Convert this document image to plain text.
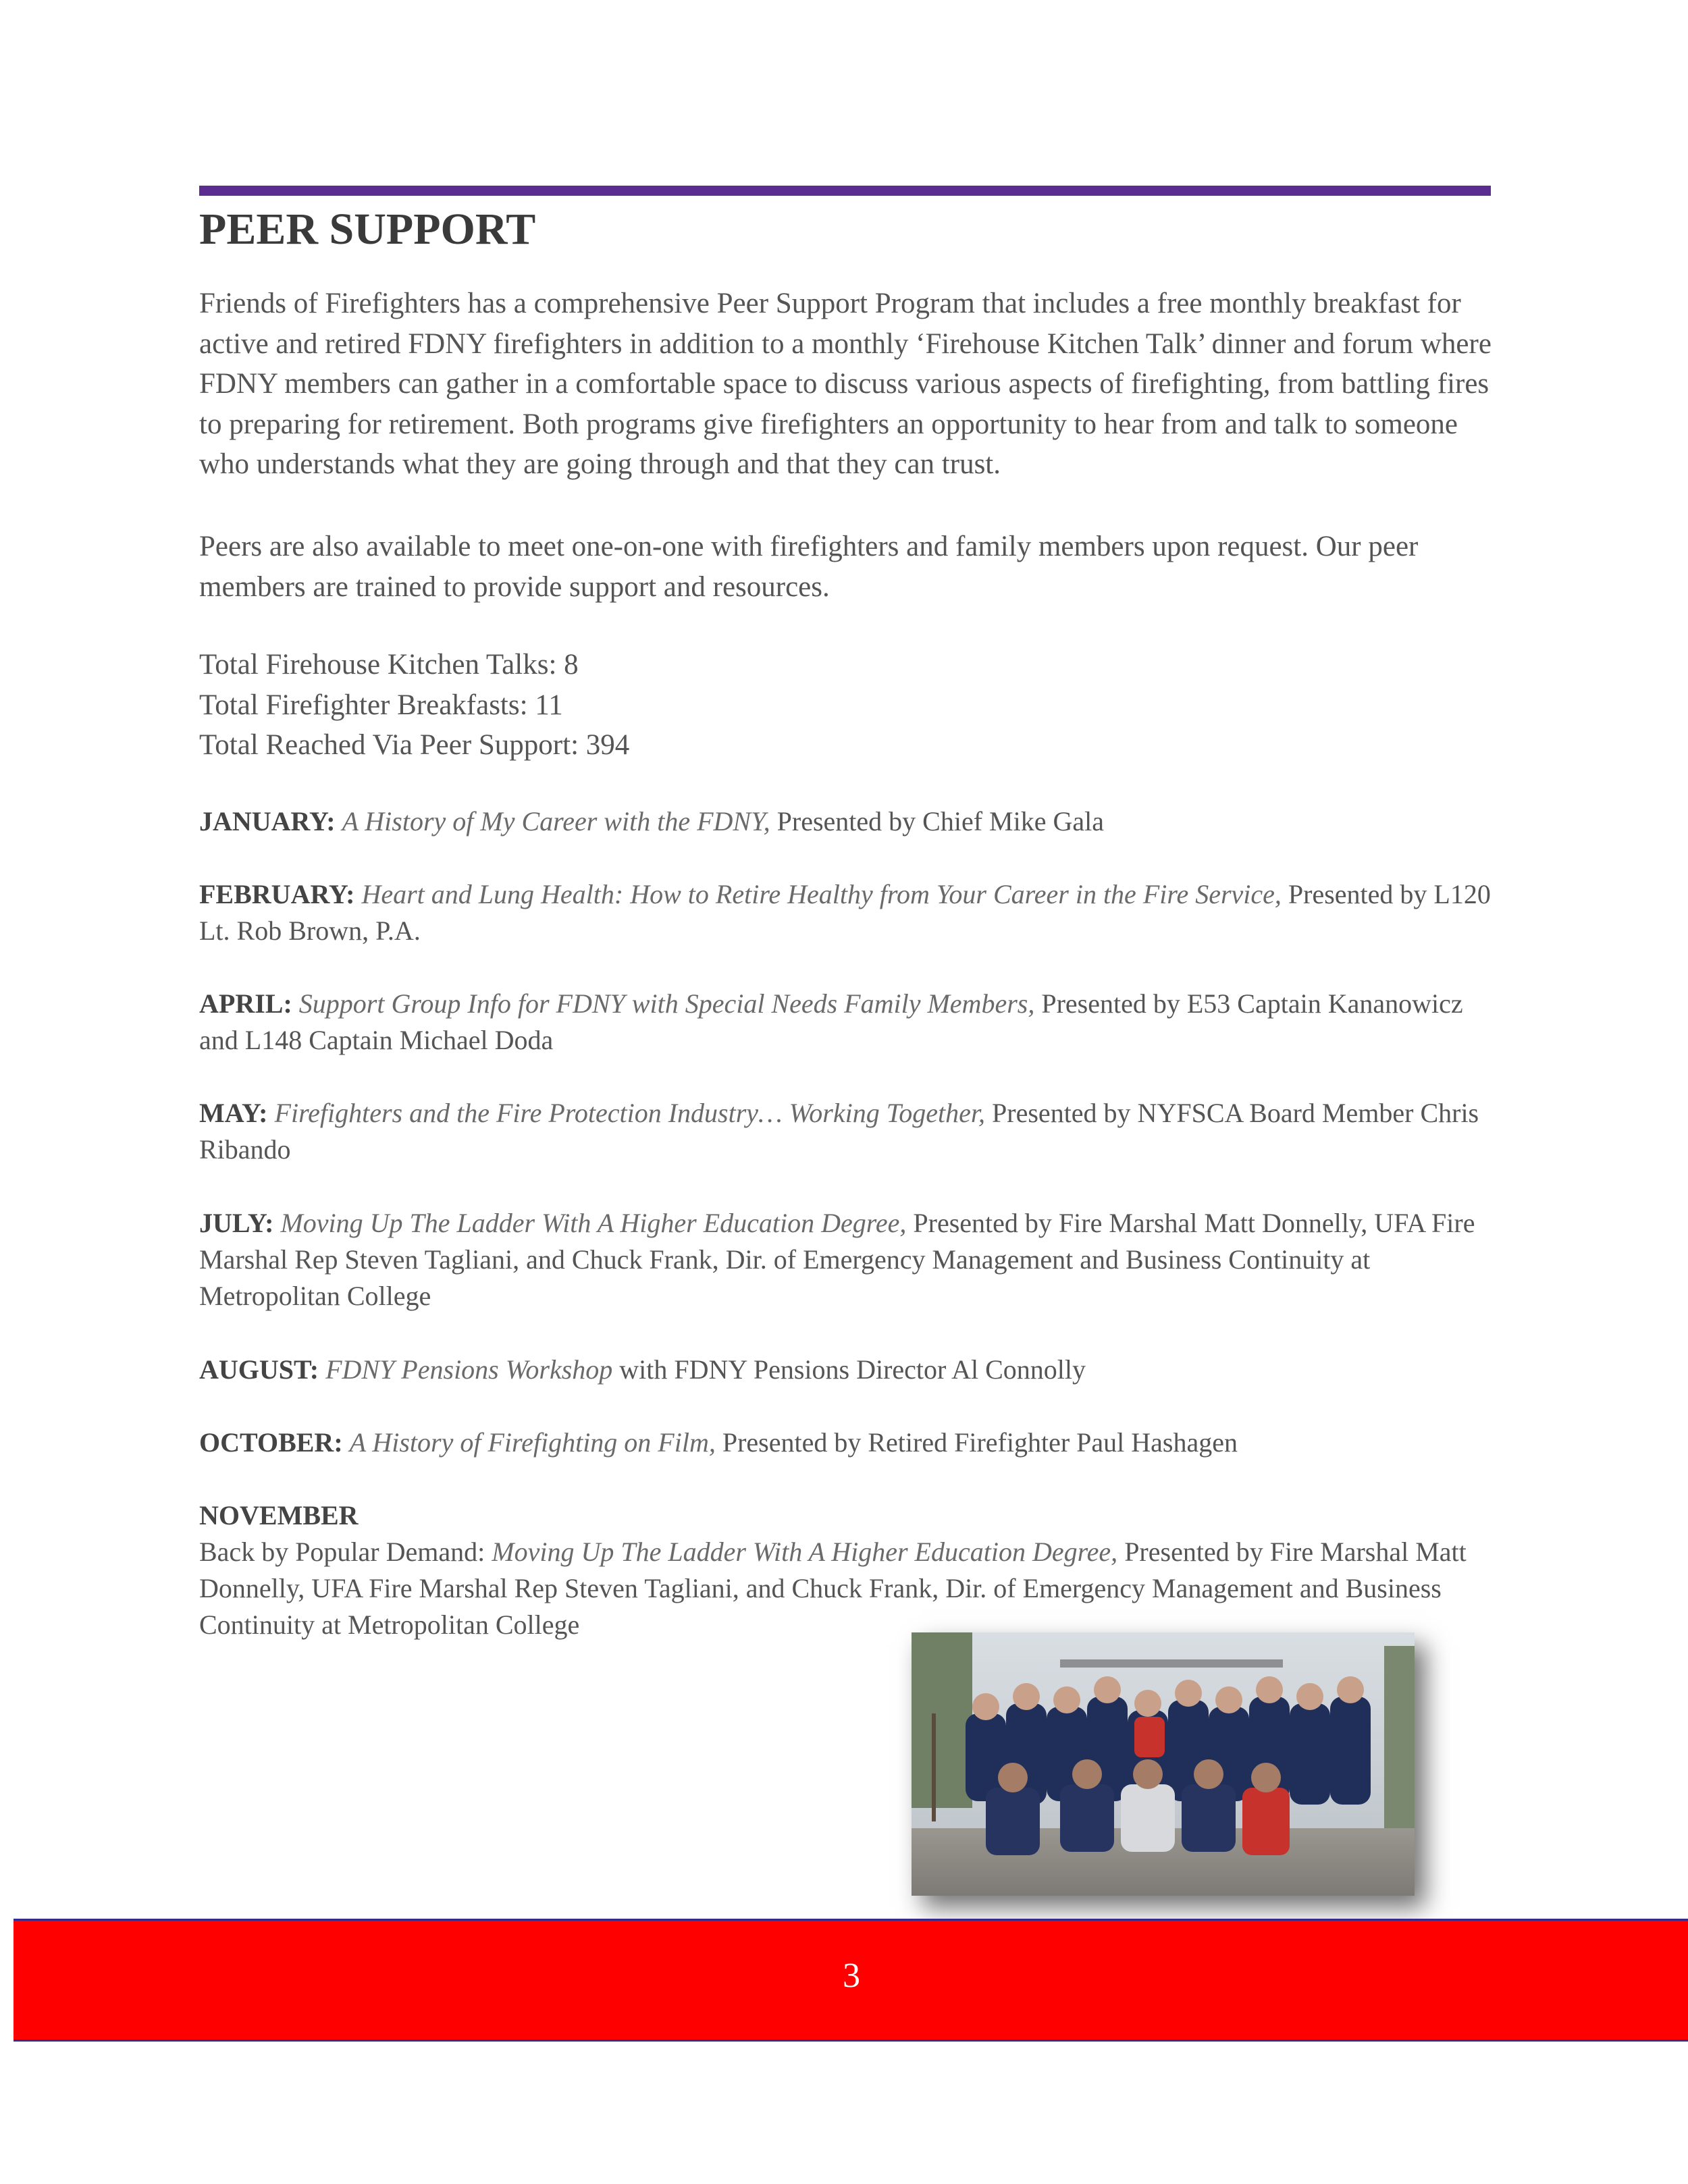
PEER SUPPORT

Friends of Firefighters has a comprehensive Peer Support Program that includes a free monthly breakfast for active and retired FDNY firefighters in addition to a monthly ‘Firehouse Kitchen Talk’ dinner and forum where FDNY members can gather in a comfortable space to discuss various aspects of firefighting, from battling fires to preparing for retirement. Both programs give firefighters an opportunity to hear from and talk to someone who understands what they are going through and that they can trust.

Peers are also available to meet one-on-one with firefighters and family members upon request. Our peer members are trained to provide support and resources.

Total Firehouse Kitchen Talks: 8
Total Firefighter Breakfasts: 11
Total Reached Via Peer Support: 394

JANUARY: A History of My Career with the FDNY, Presented by Chief Mike Gala

FEBRUARY: Heart and Lung Health: How to Retire Healthy from Your Career in the Fire Service, Presented by L120 Lt. Rob Brown, P.A.

APRIL: Support Group Info for FDNY with Special Needs Family Members, Presented by E53 Captain Kananowicz and L148 Captain Michael Doda

MAY: Firefighters and the Fire Protection Industry… Working Together, Presented by NYFSCA Board Member Chris Ribando

JULY: Moving Up The Ladder With A Higher Education Degree, Presented by Fire Marshal Matt Donnelly, UFA Fire Marshal Rep Steven Tagliani, and Chuck Frank, Dir. of Emergency Management and Business Continuity at Metropolitan College

AUGUST: FDNY Pensions Workshop with FDNY Pensions Director Al Connolly

OCTOBER: A History of Firefighting on Film, Presented by Retired Firefighter Paul Hashagen

NOVEMBER
Back by Popular Demand: Moving Up The Ladder With A Higher Education Degree, Presented by Fire Marshal Matt Donnelly, UFA Fire Marshal Rep Steven Tagliani, and Chuck Frank, Dir. of Emergency Management and Business Continuity at Metropolitan College
3
